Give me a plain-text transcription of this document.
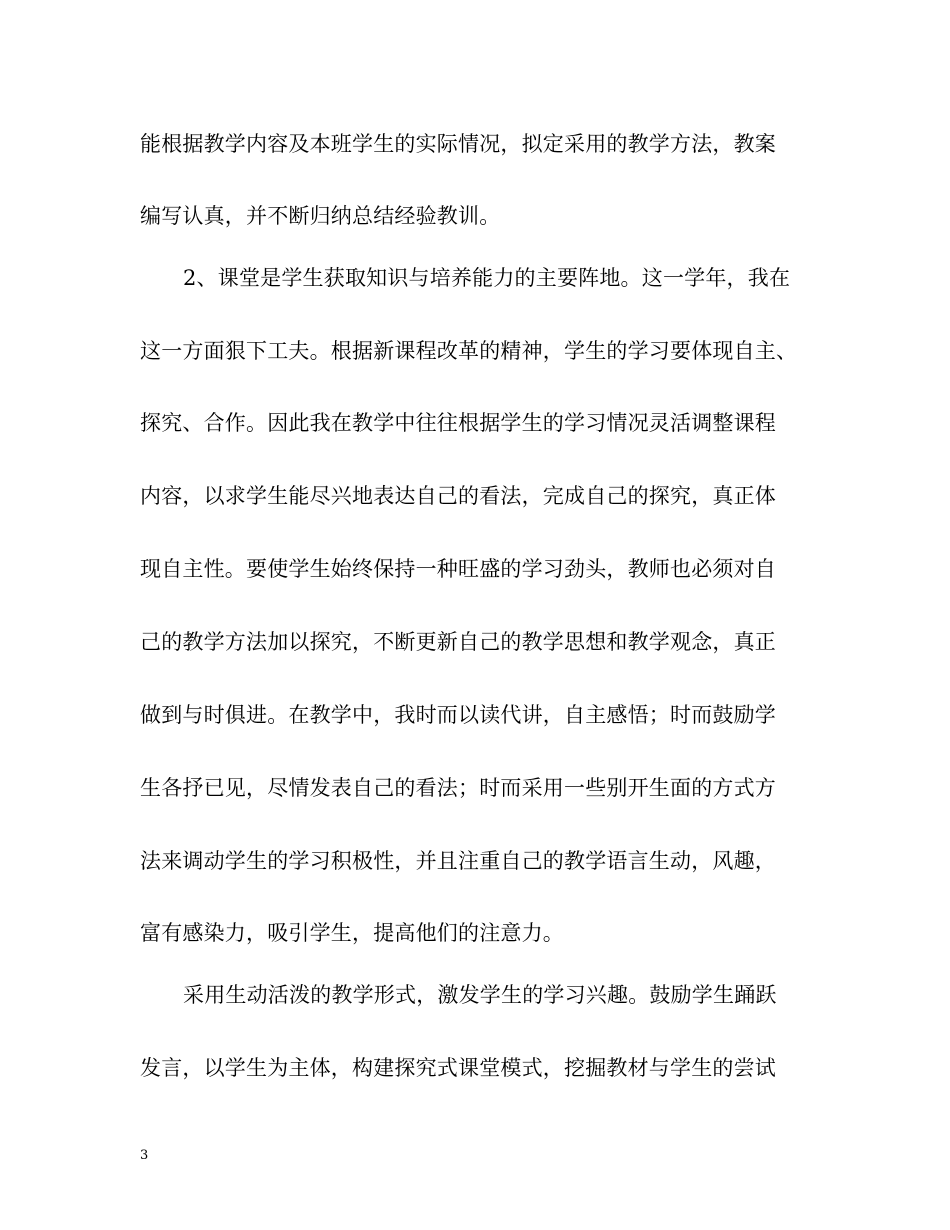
能根据教学内容及本班学生的实际情况，拟定采用的教学方法，教案
编写认真，并不断归纳总结经验教训。
2、课堂是学生获取知识与培养能力的主要阵地。这一学年，我在
这一方面狠下工夫。根据新课程改革的精神，学生的学习要体现自主、
探究、合作。因此我在教学中往往根据学生的学习情况灵活调整课程
内容，以求学生能尽兴地表达自己的看法，完成自己的探究，真正体
现自主性。要使学生始终保持一种旺盛的学习劲头，教师也必须对自
己的教学方法加以探究，不断更新自己的教学思想和教学观念，真正
做到与时俱进。在教学中，我时而以读代讲，自主感悟；时而鼓励学
生各抒已见，尽情发表自己的看法；时而采用一些别开生面的方式方
法来调动学生的学习积极性，并且注重自己的教学语言生动，风趣，
富有感染力，吸引学生，提高他们的注意力。
采用生动活泼的教学形式，激发学生的学习兴趣。鼓励学生踊跃
发言，以学生为主体，构建探究式课堂模式，挖掘教材与学生的尝试
3
